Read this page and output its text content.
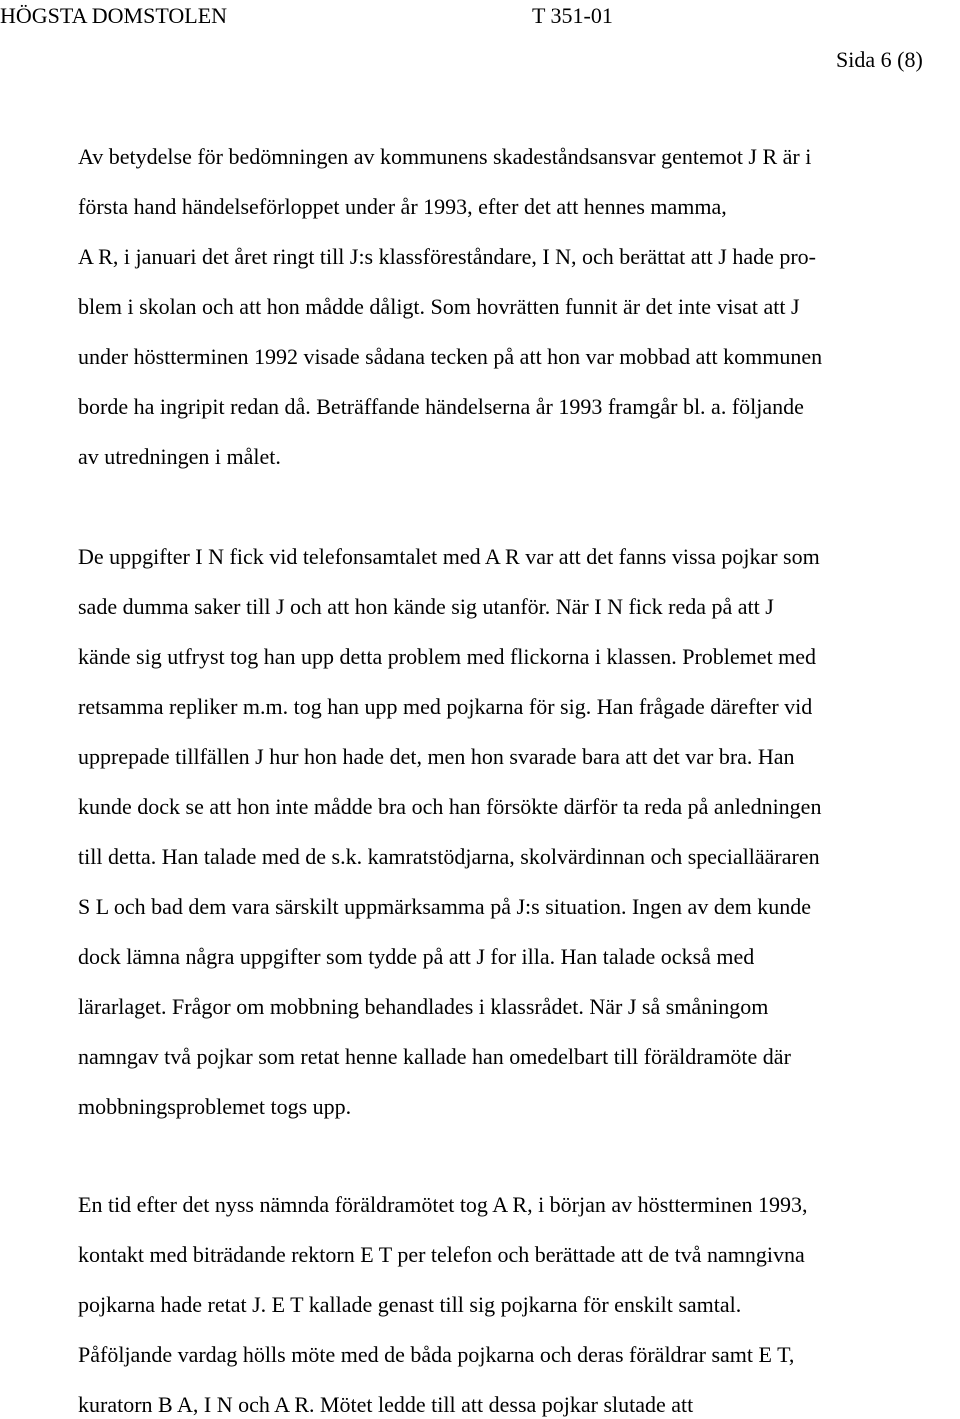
HÖGSTA DOMSTOLEN	T 351-01
Sida 6 (8)
Av betydelse för bedömningen av kommunens skadeståndsansvar gentemot J R är i
första hand händelseförloppet under år 1993, efter det att hennes mamma,
A R, i januari det året ringt till J:s klassföreståndare, I N, och berättat att J hade pro-
blem i skolan och att hon mådde dåligt. Som hovrätten funnit är det inte visat att J
under höstterminen 1992 visade sådana tecken på att hon var mobbad att kommunen
borde ha ingripit redan då. Beträffande händelserna år 1993 framgår bl. a. följande
av utredningen i målet.
De uppgifter I N fick vid telefonsamtalet med A R var att det fanns vissa pojkar som
sade dumma saker till J och att hon kände sig utanför. När I N fick reda på att J
kände sig utfryst tog han upp detta problem med flickorna i klassen. Problemet med
retsamma repliker m.m. tog han upp med pojkarna för sig. Han frågade därefter vid
upprepade tillfällen J hur hon hade det, men hon svarade bara att det var bra. Han
kunde dock se att hon inte mådde bra och han försökte därför ta reda på anledningen
till detta. Han talade med de s.k. kamratstödjarna, skolvärdinnan och speciallääraren
S L och bad dem vara särskilt uppmärksamma på J:s situation. Ingen av dem kunde
dock lämna några uppgifter som tydde på att J for illa. Han talade också med
lärarlaget. Frågor om mobbning behandlades i klassrådet. När J så småningom
namngav två pojkar som retat henne kallade han omedelbart till föräldramöte där
mobbningsproblemet togs upp.
En tid efter det nyss nämnda föräldramötet tog A R, i början av höstterminen 1993,
kontakt med biträdande rektorn E T per telefon och berättade att de två namngivna
pojkarna hade retat J. E T kallade genast till sig pojkarna för enskilt samtal.
Påföljande vardag hölls möte med de båda pojkarna och deras föräldrar samt E T,
kuratorn B A, I N och A R. Mötet ledde till att dessa pojkar slutade att
